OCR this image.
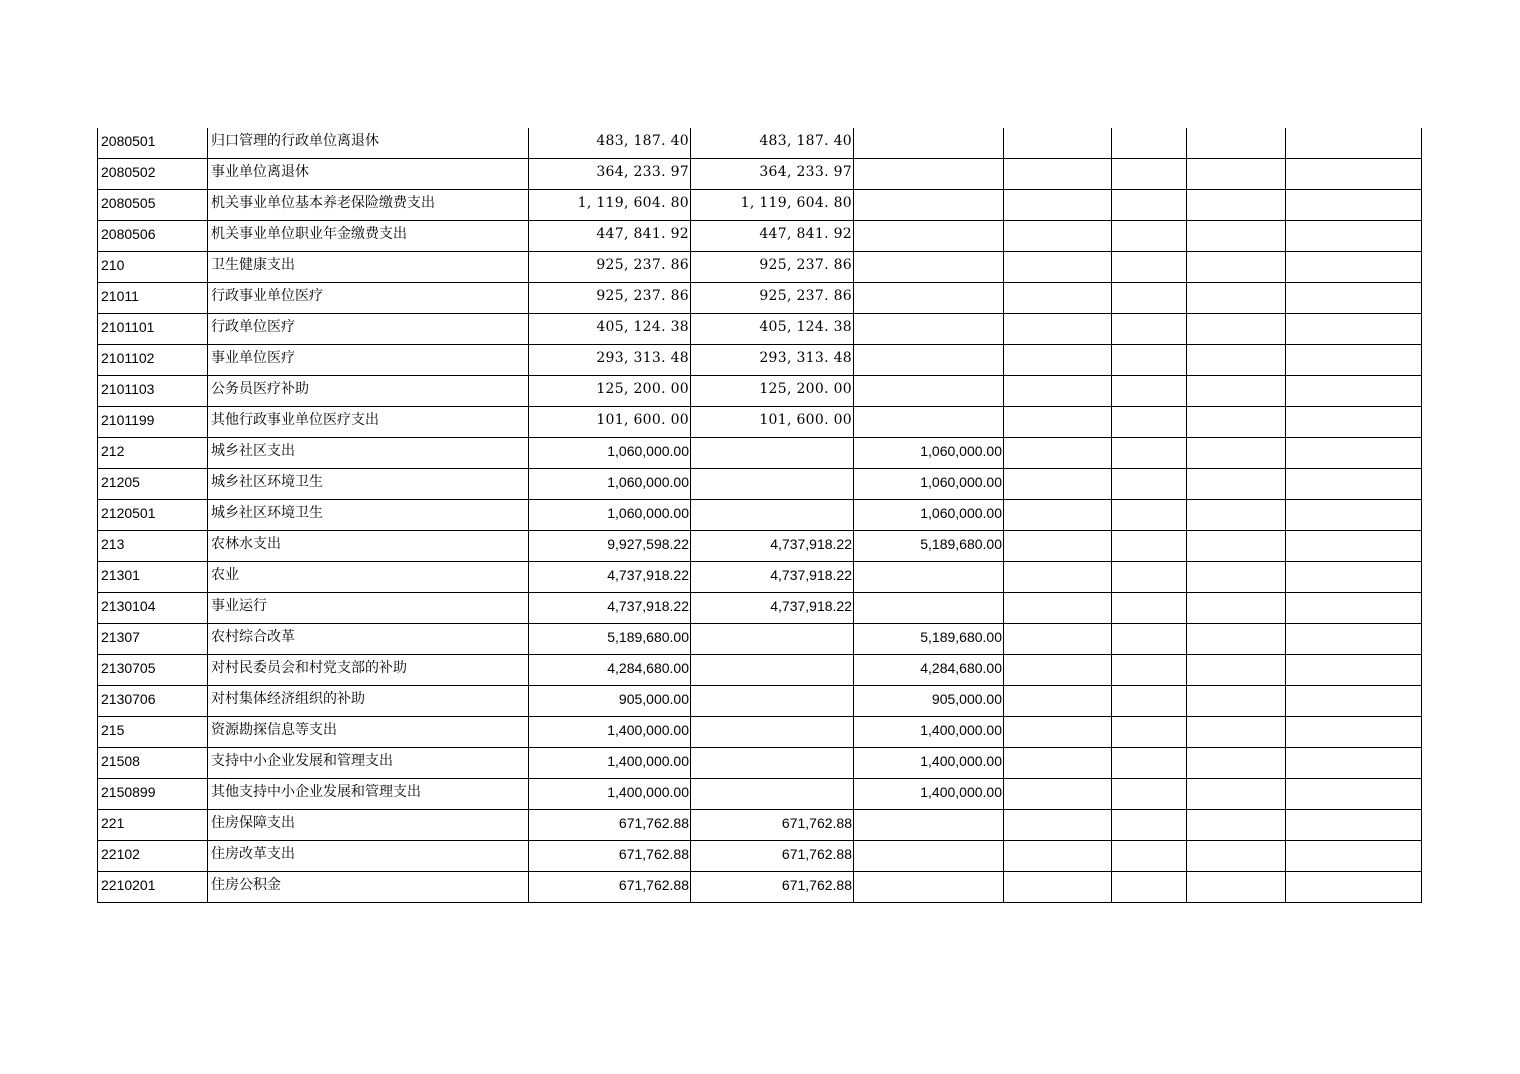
2080501	归口管理的行政单位离退休	483, 187. 40	483, 187. 40					
2080502	事业单位离退休	364, 233. 97	364, 233. 97					
2080505	机关事业单位基本养老保险缴费支出	1, 119, 604. 80	1, 119, 604. 80					
2080506	机关事业单位职业年金缴费支出	447, 841. 92	447, 841. 92					
210	卫生健康支出	925, 237. 86	925, 237. 86					
21011	行政事业单位医疗	925, 237. 86	925, 237. 86					
2101101	行政单位医疗	405, 124. 38	405, 124. 38					
2101102	事业单位医疗	293, 313. 48	293, 313. 48					
2101103	公务员医疗补助	125, 200. 00	125, 200. 00					
2101199	其他行政事业单位医疗支出	101, 600. 00	101, 600. 00					
212	城乡社区支出	1,060,000.00		1,060,000.00				
21205	城乡社区环境卫生	1,060,000.00		1,060,000.00				
2120501	城乡社区环境卫生	1,060,000.00		1,060,000.00				
213	农林水支出	9,927,598.22	4,737,918.22	5,189,680.00				
21301	农业	4,737,918.22	4,737,918.22					
2130104	事业运行	4,737,918.22	4,737,918.22					
21307	农村综合改革	5,189,680.00		5,189,680.00				
2130705	对村民委员会和村党支部的补助	4,284,680.00		4,284,680.00				
2130706	对村集体经济组织的补助	905,000.00		905,000.00				
215	资源勘探信息等支出	1,400,000.00		1,400,000.00				
21508	支持中小企业发展和管理支出	1,400,000.00		1,400,000.00				
2150899	其他支持中小企业发展和管理支出	1,400,000.00		1,400,000.00				
221	住房保障支出	671,762.88	671,762.88					
22102	住房改革支出	671,762.88	671,762.88					
2210201	住房公积金	671,762.88	671,762.88					
